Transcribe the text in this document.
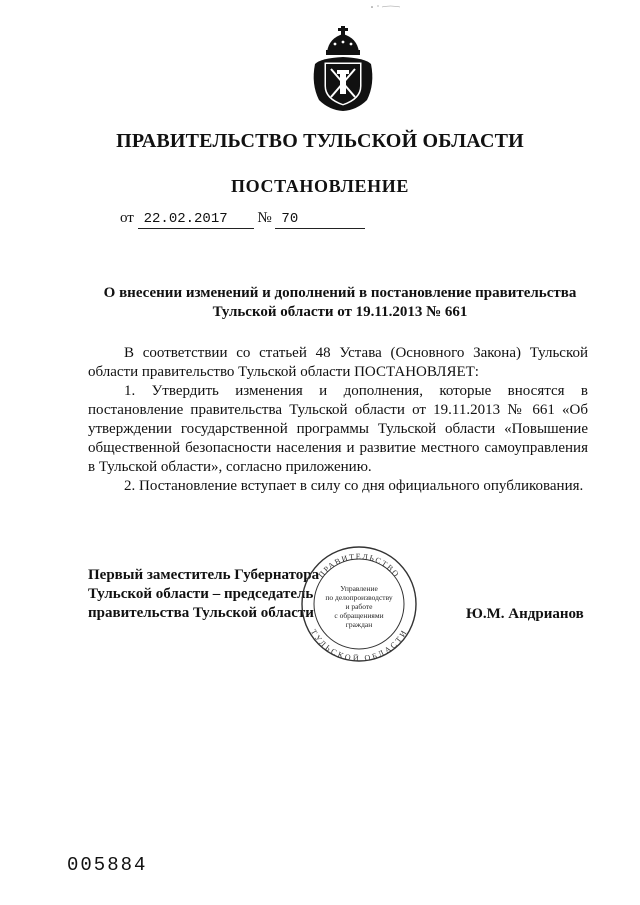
ПРАВИТЕЛЬСТВО ТУЛЬСКОЙ ОБЛАСТИ
ПОСТАНОВЛЕНИЕ
от 22.02.2017 № 70
О внесении изменений и дополнений в постановление правительства
Тульской области от 19.11.2013 № 661

В соответствии со статьей 48 Устава (Основного Закона) Тульской области правительство Тульской области ПОСТАНОВЛЯЕТ:

1. Утвердить изменения и дополнения, которые вносятся в постановление правительства Тульской области от 19.11.2013 № 661 «Об утверждении государственной программы Тульской области «Повышение общественной безопасности населения и развитие местного самоуправления в Тульской области», согласно приложению.

2. Постановление вступает в силу со дня официального опубликования.

Первый заместитель Губернатора
Тульской области – председатель
правительства Тульской области
ПРАВИТЕЛЬСТВО
ТУЛЬСКОЙ ОБЛАСТИ
Управление
по делопроизводству
и работе
с обращениями
граждан
Ю.М. Андрианов
005884
